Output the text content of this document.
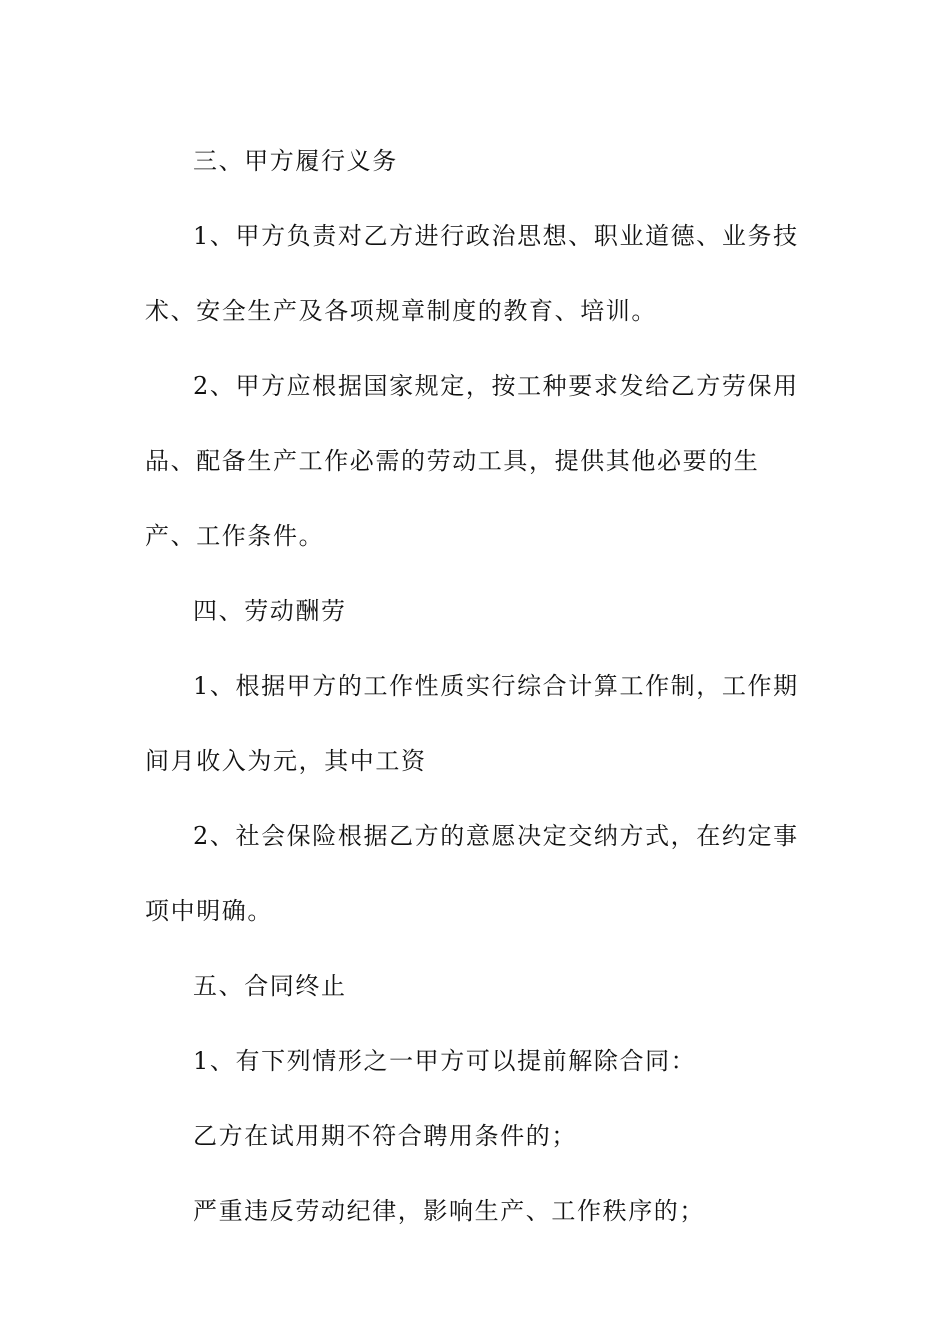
三、甲方履行义务

1、甲方负责对乙方进行政治思想、职业道德、业务技术、安全生产及各项规章制度的教育、培训。

2、甲方应根据国家规定，按工种要求发给乙方劳保用品、配备生产工作必需的劳动工具，提供其他必要的生产、工作条件。

四、劳动酬劳

1、根据甲方的工作性质实行综合计算工作制，工作期间月收入为元，其中工资

2、社会保险根据乙方的意愿决定交纳方式，在约定事项中明确。

五、合同终止

1、有下列情形之一甲方可以提前解除合同：

乙方在试用期不符合聘用条件的；

严重违反劳动纪律，影响生产、工作秩序的；
